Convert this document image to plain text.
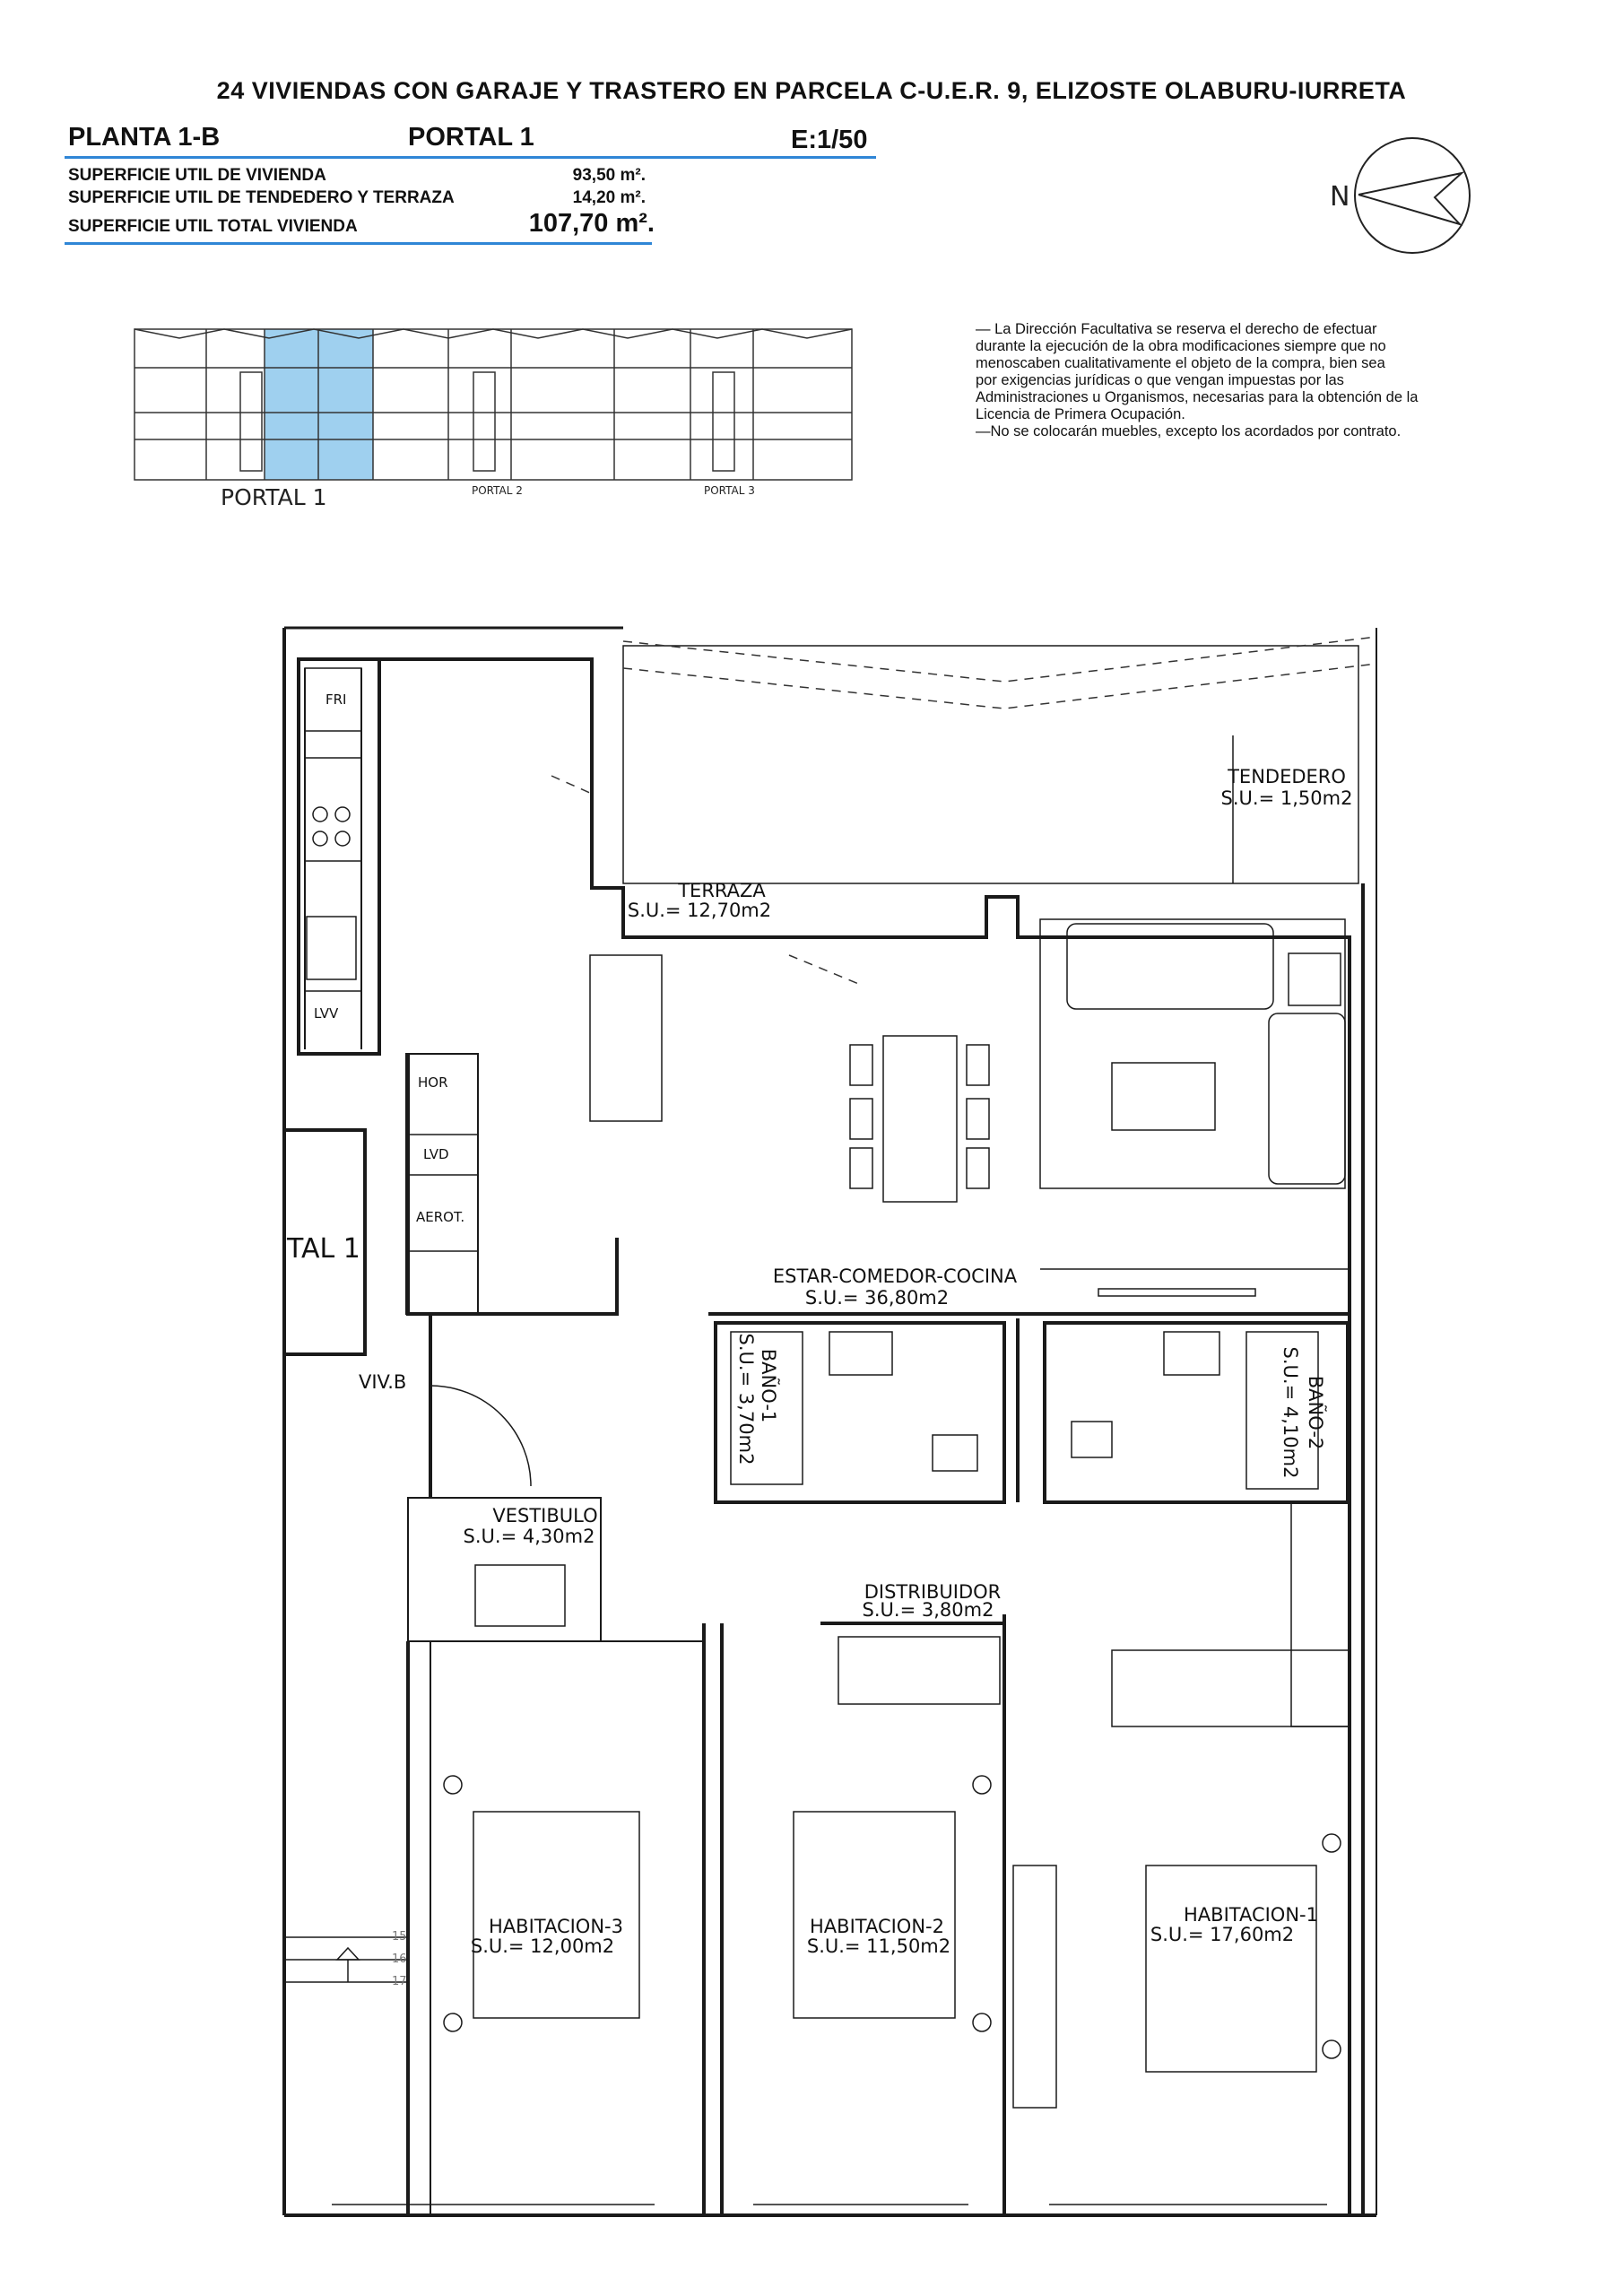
24 VIVIENDAS CON GARAJE Y TRASTERO EN PARCELA C-U.E.R. 9, ELIZOSTE OLABURU-IURRETA
PLANTA 1-B	PORTAL 1	E:1/50
SUPERFICIE UTIL DE VIVIENDA	93,50 m².
SUPERFICIE UTIL DE TENDEDERO Y TERRAZA	14,20 m².
SUPERFICIE UTIL TOTAL VIVIENDA	107,70 m².
N
— La Dirección Facultativa se reserva el derecho de efectuar
durante la ejecución de la obra modificaciones siempre que no
menoscaben cualitativamente el objeto de la compra, bien sea
por exigencias jurídicas o que vengan impuestas por las
Administraciones u Organismos, necesarias para la obtención de la
Licencia de Primera Ocupación.
—No se colocarán muebles, excepto los acordados por contrato.
PORTAL 1	PORTAL 2	PORTAL 3
TENDEDERO
S.U.= 1,50m2
TERRAZA
S.U.= 12,70m2
ESTAR-COMEDOR-COCINA
S.U.= 36,80m2
VESTIBULO
S.U.= 4,30m2
DISTRIBUIDOR
S.U.= 3,80m2
HABITACION-3
S.U.= 12,00m2
HABITACION-2
S.U.= 11,50m2
HABITACION-1
S.U.= 17,60m2
BAÑO-1
S.U.= 3,70m2	BAÑO-2
S.U.= 4,10m2
FRI
LVV
HOR
LVD
AEROT.
VIV.B
TAL 1
15
16
17
